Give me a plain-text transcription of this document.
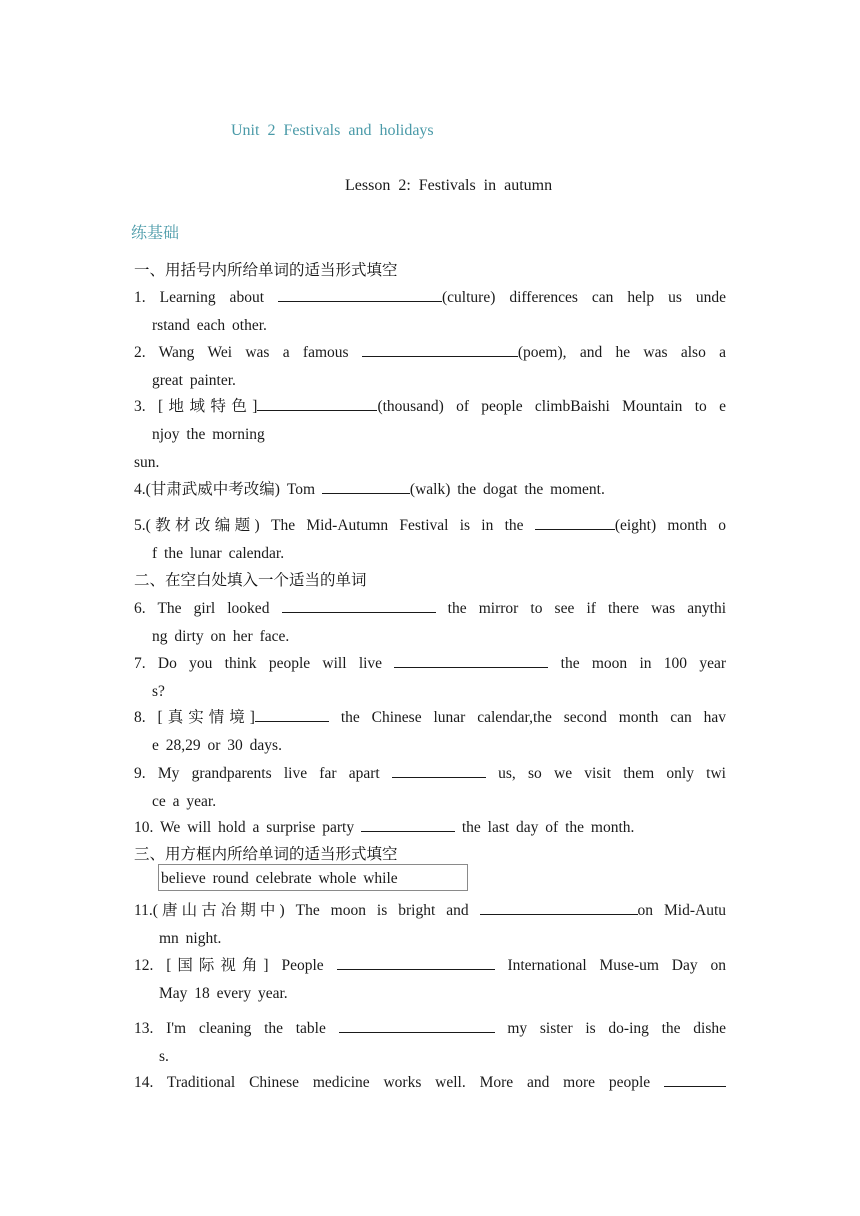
Unit 2 Festivals and holidays
Lesson 2: Festivals in autumn
练基础
一、用括号内所给单词的适当形式填空
1. Learning about	(culture) differences can help us unde
rstand each other.
2. Wang Wei was a famous	(poem), and he was also a
great painter.
3. [地域特色]	(thousand) of people climbBaishi Mountain to e
njoy the morning
sun.
4.(甘肃武威中考改编) Tom	(walk) the dogat the moment.
5.(教材改编题) The Mid-Autumn Festival is in the	(eight) month o
f the lunar calendar.
二、在空白处填入一个适当的单词
6. The girl looked	the mirror to see if there was anythi
ng dirty on her face.
7. Do you think people will live	the moon in 100 year
s?
8. [真实情境]	the Chinese lunar calendar,the second month can hav
e 28,29 or 30 days.
9. My grandparents live far apart	us, so we visit them only twi
ce a year.
10. We will hold a surprise party	the last day of the month.
三、用方框内所给单词的适当形式填空
believe round celebrate whole while
11.(唐山古冶期中) The moon is bright and	on Mid-Autu
mn night.
12. [国际视角] People	International Muse-um Day on
May 18 every year.
13. I'm cleaning the table	my sister is do-ing the dishe
s.
14. Traditional Chinese medicine works well. More and more people
